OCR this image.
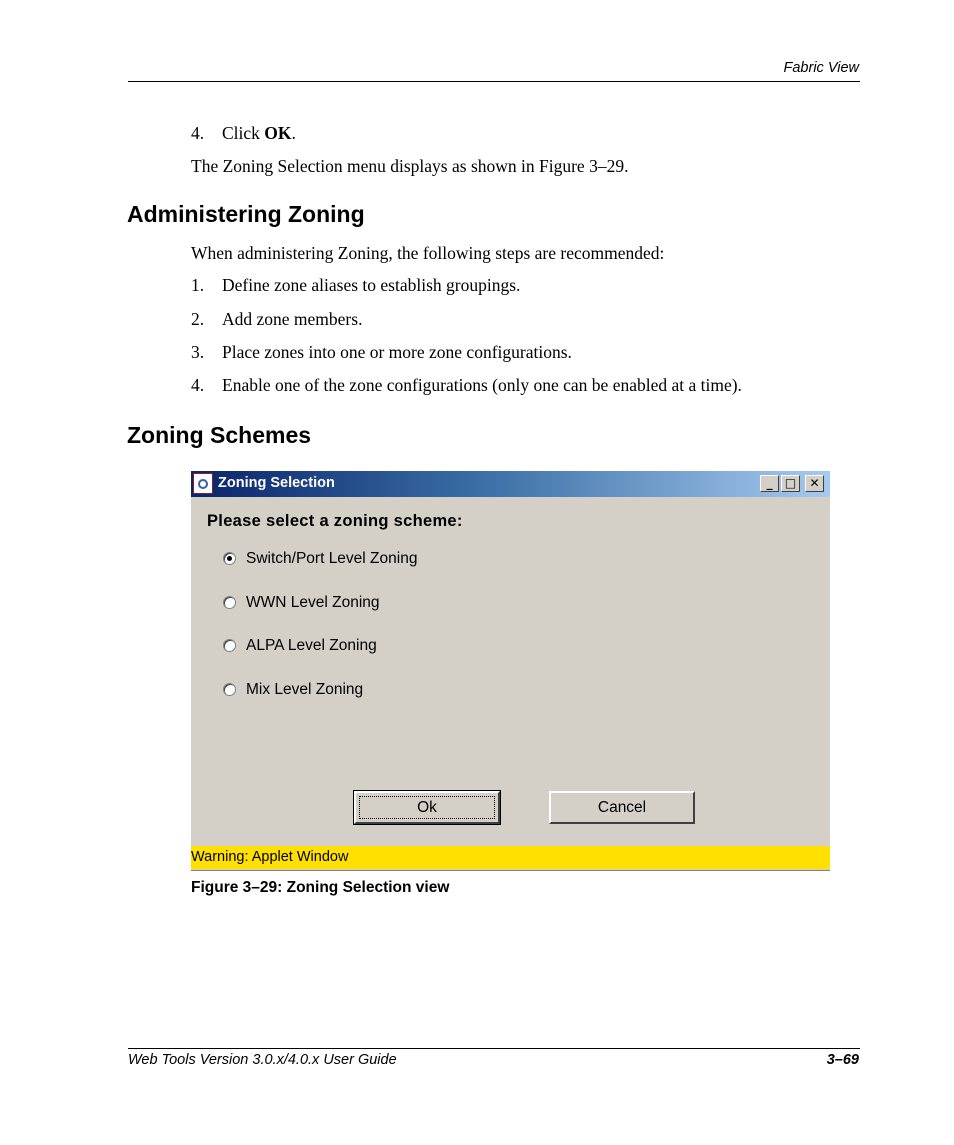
Fabric View
4. Click OK.
The Zoning Selection menu displays as shown in Figure 3–29.
Administering Zoning
When administering Zoning, the following steps are recommended:
1. Define zone aliases to establish groupings.
2. Add zone members.
3. Place zones into one or more zone configurations.
4. Enable one of the zone configurations (only one can be enabled at a time).
Zoning Schemes
Zoning Selection	_	□	✕
Please select a zoning scheme:
Switch/Port Level Zoning
WWN Level Zoning
ALPA Level Zoning
Mix Level Zoning
Ok	Cancel
Warning: Applet Window
Figure 3–29: Zoning Selection view
Web Tools Version 3.0.x/4.0.x User Guide	3–69
